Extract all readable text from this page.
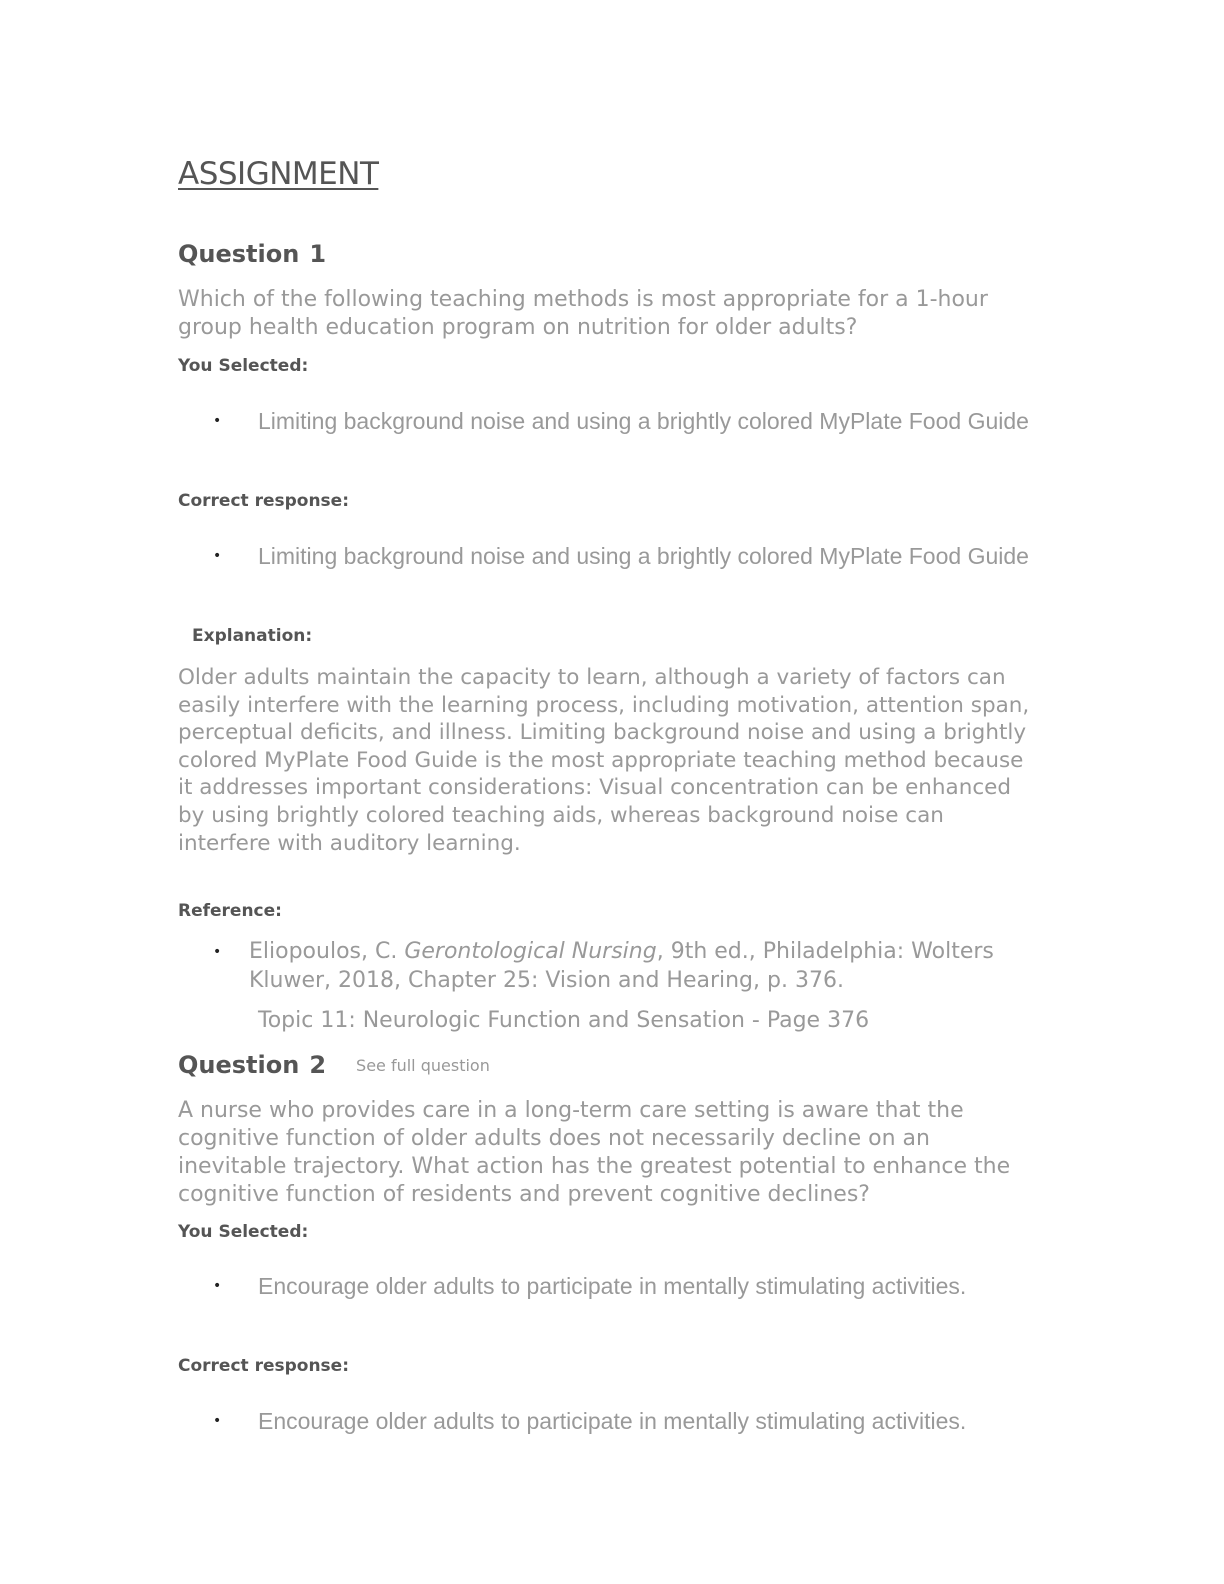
ASSIGNMENT
Question 1
Which of the following teaching methods is most appropriate for a 1-hour group health education program on nutrition for older adults?
You Selected:
•	Limiting background noise and using a brightly colored MyPlate Food Guide
Correct response:
•	Limiting background noise and using a brightly colored MyPlate Food Guide
Explanation:
Older adults maintain the capacity to learn, although a variety of factors can easily interfere with the learning process, including motivation, attention span, perceptual deficits, and illness. Limiting background noise and using a brightly colored MyPlate Food Guide is the most appropriate teaching method because it addresses important considerations: Visual concentration can be enhanced by using brightly colored teaching aids, whereas background noise can interfere with auditory learning.
Reference:
• Eliopoulos, C. Gerontological Nursing, 9th ed., Philadelphia: Wolters Kluwer, 2018, Chapter 25: Vision and Hearing, p. 376.
Topic 11: Neurologic Function and Sensation - Page 376
Question 2 See full question
A nurse who provides care in a long-term care setting is aware that the cognitive function of older adults does not necessarily decline on an inevitable trajectory. What action has the greatest potential to enhance the cognitive function of residents and prevent cognitive declines?
You Selected:
•	Encourage older adults to participate in mentally stimulating activities.
Correct response:
•	Encourage older adults to participate in mentally stimulating activities.
